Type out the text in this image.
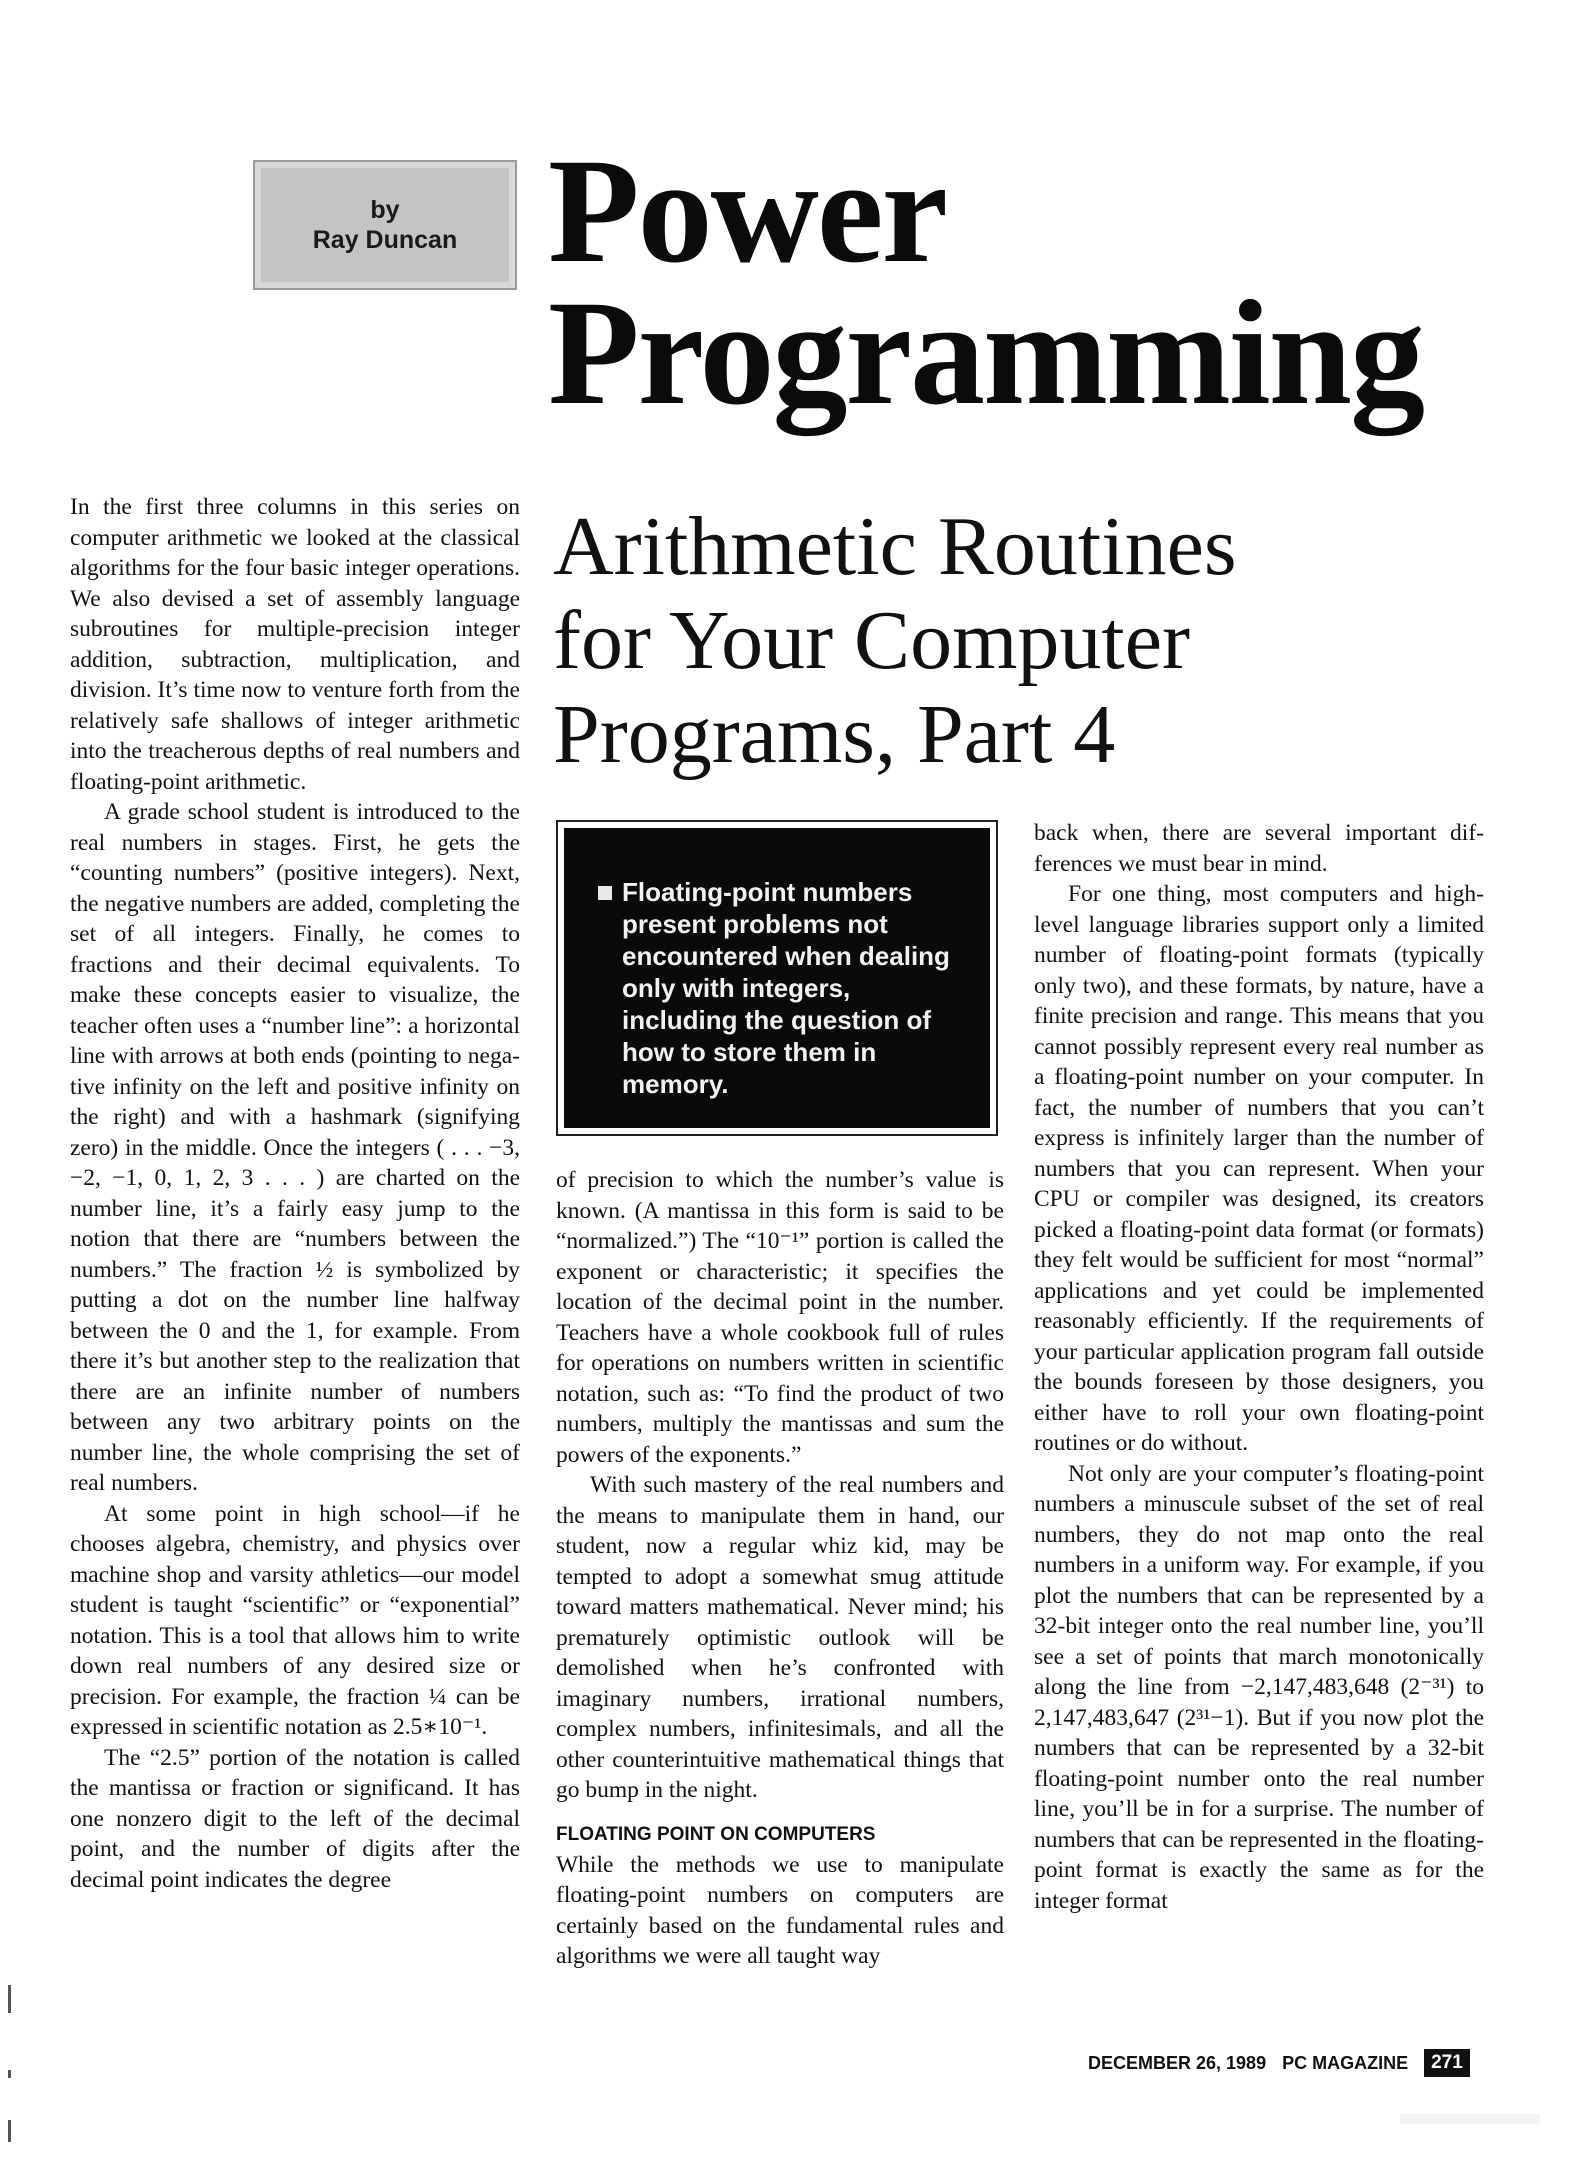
by
Ray Duncan Power
Programming
Arithmetic Routines
for Your Computer
Programs, Part 4

In the first three columns in this series on computer arithmetic we looked at the classical algorithms for the four basic integer operations. We also devised a set of assembly language subroutines for multiple-precision integer addition, subtraction, multiplication, and division. It’s time now to venture forth from the relatively safe shallows of integer arithmetic into the treacherous depths of real numbers and floating-point arithmetic.

A grade school student is introduced to the real numbers in stages. First, he gets the “counting numbers” (positive integers). Next, the negative numbers are added, completing the set of all integers. Finally, he comes to fractions and their decimal equivalents. To make these concepts easier to visualize, the teacher often uses a “number line”: a horizontal line with arrows at both ends (pointing to negative infinity on the left and positive infinity on the right) and with a hashmark (signifying zero) in the middle. Once the integers ( . . . −3, −2, −1, 0, 1, 2, 3 . . . ) are charted on the number line, it’s a fairly easy jump to the notion that there are “numbers between the numbers.” The fraction ½ is symbolized by putting a dot on the number line halfway between the 0 and the 1, for example. From there it’s but another step to the realization that there are an infinite number of numbers between any two arbitrary points on the number line, the whole comprising the set of real numbers.

At some point in high school—if he chooses algebra, chemistry, and physics over machine shop and varsity athletics—our model student is taught “scientific” or “exponential” notation. This is a tool that allows him to write down real numbers of any desired size or precision. For example, the fraction ¼ can be expressed in scientific notation as 2.5∗10⁻¹.

The “2.5” portion of the notation is called the mantissa or fraction or significand. It has one nonzero digit to the left of the decimal point, and the number of digits after the decimal point indicates the degree

Floating-point numbers present problems not encountered when dealing only with integers, including the question of how to store them in memory.

of precision to which the number’s value is known. (A mantissa in this form is said to be “normalized.”) The “10⁻¹” portion is called the exponent or characteristic; it specifies the location of the decimal point in the number. Teachers have a whole cookbook full of rules for operations on numbers written in scientific notation, such as: “To find the product of two numbers, multiply the mantissas and sum the powers of the exponents.”

With such mastery of the real numbers and the means to manipulate them in hand, our student, now a regular whiz kid, may be tempted to adopt a somewhat smug attitude toward matters mathematical. Never mind; his prematurely optimistic outlook will be demolished when he’s confronted with imaginary numbers, irrational numbers, complex numbers, infinitesimals, and all the other counterintuitive mathematical things that go bump in the night.

FLOATING POINT ON COMPUTERS

While the methods we use to manipulate floating-point numbers on computers are certainly based on the fundamental rules and algorithms we were all taught way

back when, there are several important differences we must bear in mind.

For one thing, most computers and high-level language libraries support only a limited number of floating-point formats (typically only two), and these formats, by nature, have a finite precision and range. This means that you cannot possibly represent every real number as a floating-point number on your computer. In fact, the number of numbers that you can’t express is infinitely larger than the number of numbers that you can represent. When your CPU or compiler was designed, its creators picked a floating-point data format (or formats) they felt would be sufficient for most “normal” applications and yet could be implemented reasonably efficiently. If the requirements of your particular application program fall outside the bounds foreseen by those designers, you either have to roll your own floating-point routines or do without.

Not only are your computer’s floating-point numbers a minuscule subset of the set of real numbers, they do not map onto the real numbers in a uniform way. For example, if you plot the numbers that can be represented by a 32-bit integer onto the real number line, you’ll see a set of points that march monotonically along the line from −2,147,483,648 (2⁻³¹) to 2,147,483,647 (2³¹−1). But if you now plot the numbers that can be represented by a 32-bit floating-point number onto the real number line, you’ll be in for a surprise. The number of numbers that can be represented in the floating-point format is exactly the same as for the integer format

DECEMBER 26, 1989 PC MAGAZINE	271
